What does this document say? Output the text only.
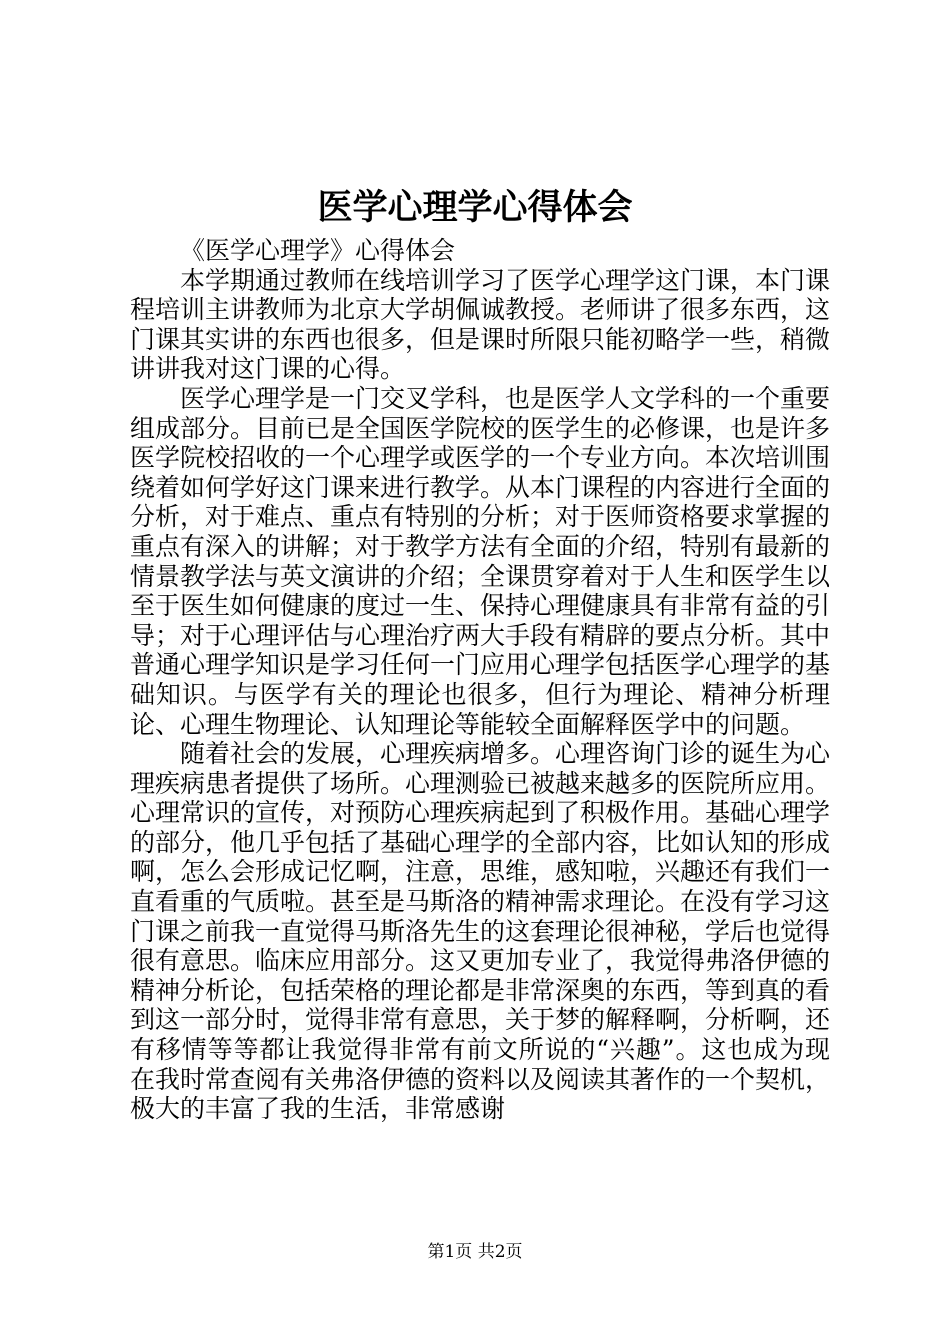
医学心理学心得体会

《医学心理学》心得体会

本学期通过教师在线培训学习了医学心理学这门课，本门课程培训主讲教师为北京大学胡佩诚教授。老师讲了很多东西，这门课其实讲的东西也很多，但是课时所限只能初略学一些，稍微讲讲我对这门课的心得。

医学心理学是一门交叉学科，也是医学人文学科的一个重要组成部分。目前已是全国医学院校的医学生的必修课，也是许多医学院校招收的一个心理学或医学的一个专业方向。本次培训围绕着如何学好这门课来进行教学。从本门课程的内容进行全面的分析，对于难点、重点有特别的分析；对于医师资格要求掌握的重点有深入的讲解；对于教学方法有全面的介绍，特别有最新的情景教学法与英文演讲的介绍；全课贯穿着对于人生和医学生以至于医生如何健康的度过一生、保持心理健康具有非常有益的引导；对于心理评估与心理治疗两大手段有精辟的要点分析。其中普通心理学知识是学习任何一门应用心理学包括医学心理学的基础知识。与医学有关的理论也很多，但行为理论、精神分析理论、心理生物理论、认知理论等能较全面解释医学中的问题。

随着社会的发展，心理疾病增多。心理咨询门诊的诞生为心理疾病患者提供了场所。心理测验已被越来越多的医院所应用。心理常识的宣传，对预防心理疾病起到了积极作用。基础心理学的部分，他几乎包括了基础心理学的全部内容，比如认知的形成啊，怎么会形成记忆啊，注意，思维，感知啦，兴趣还有我们一直看重的气质啦。甚至是马斯洛的精神需求理论。在没有学习这门课之前我一直觉得马斯洛先生的这套理论很神秘，学后也觉得很有意思。临床应用部分。这又更加专业了，我觉得弗洛伊德的精神分析论，包括荣格的理论都是非常深奥的东西，等到真的看到这一部分时，觉得非常有意思，关于梦的解释啊，分析啊，还有移情等等都让我觉得非常有前文所说的“兴趣”。这也成为现在我时常查阅有关弗洛伊德的资料以及阅读其著作的一个契机，极大的丰富了我的生活，非常感谢

第1页 共2页
